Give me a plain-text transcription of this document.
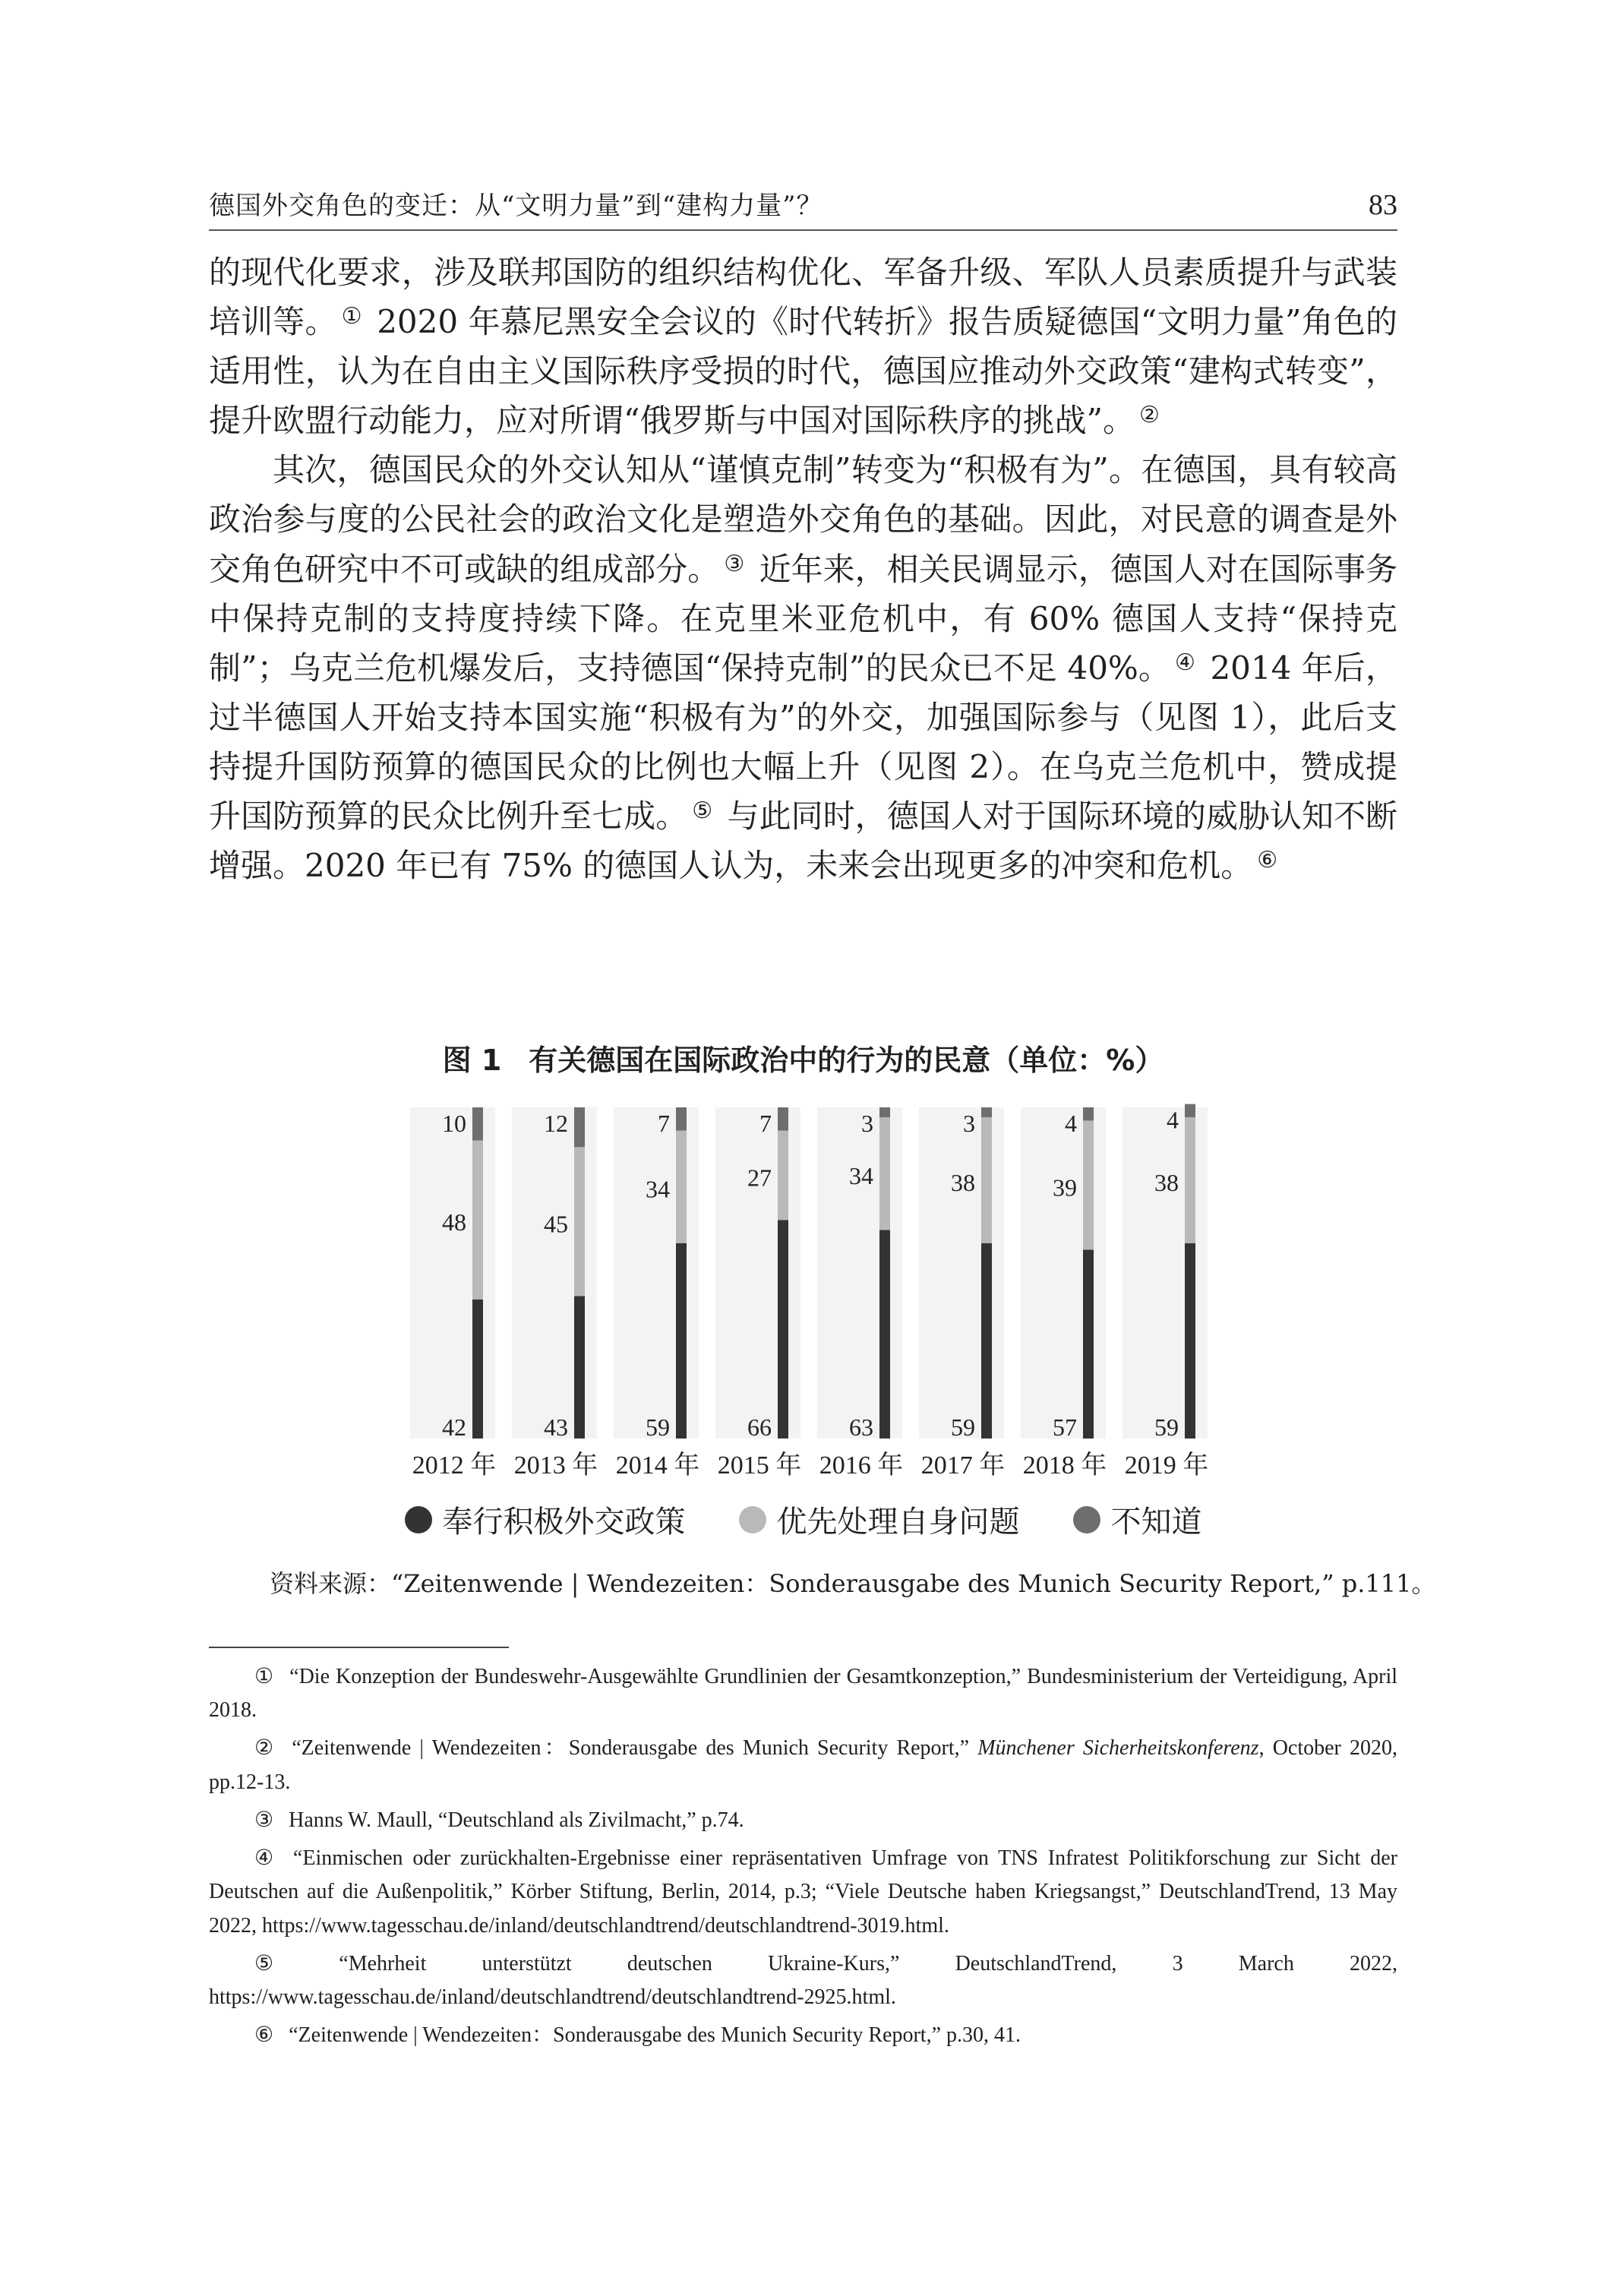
德国外交角色的变迁：从“文明力量”到“建构力量”？	83

的现代化要求，涉及联邦国防的组织结构优化、军备升级、军队人员素质提升与武装培训等。 ① 2020 年慕尼黑安全会议的《时代转折》报告质疑德国“文明力量”角色的适用性，认为在自由主义国际秩序受损的时代，德国应推动外交政策“建构式转变”，提升欧盟行动能力，应对所谓“俄罗斯与中国对国际秩序的挑战”。 ②

其次，德国民众的外交认知从“谨慎克制”转变为“积极有为”。在德国，具有较高政治参与度的公民社会的政治文化是塑造外交角色的基础。因此，对民意的调查是外交角色研究中不可或缺的组成部分。 ③ 近年来，相关民调显示，德国人对在国际事务中保持克制的支持度持续下降。在克里米亚危机中，有 60% 德国人支持“保持克制”；乌克兰危机爆发后，支持德国“保持克制”的民众已不足 40%。 ④ 2014 年后，过半德国人开始支持本国实施“积极有为”的外交，加强国际参与（见图 1），此后支持提升国防预算的德国民众的比例也大幅上升（见图 2）。在乌克兰危机中，赞成提升国防预算的民众比例升至七成。 ⑤ 与此同时，德国人对于国际环境的威胁认知不断增强。2020 年已有 75% 的德国人认为，未来会出现更多的冲突和危机。 ⑥

图 1 有关德国在国际政治中的行为的民意（单位：%）
42
48
10
2012 年
43
45
12
2013 年
59
34
7
2014 年
66
27
7
2015 年
63
34
3
2016 年
59
38
3
2017 年
57
39
4
2018 年
59
38
4
2019 年
奉行积极外交政策	优先处理自身问题	不知道
资料来源：“Zeitenwende | Wendezeiten：Sonderausgabe des Munich Security Report,” p.111。

① “Die Konzeption der Bundeswehr-Ausgewählte Grundlinien der Gesamtkonzeption,” Bundesministerium der Verteidigung, April 2018.

② “Zeitenwende | Wendezeiten：Sonderausgabe des Munich Security Report,” Münchener Sicherheitskonferenz, October 2020, pp.12-13.

③ Hanns W. Maull, “Deutschland als Zivilmacht,” p.74.

④ “Einmischen oder zurückhalten-Ergebnisse einer repräsentativen Umfrage von TNS Infratest Politikforschung zur Sicht der Deutschen auf die Außenpolitik,” Körber Stiftung, Berlin, 2014, p.3; “Viele Deutsche haben Kriegsangst,” DeutschlandTrend, 13 May 2022, https://www.tagesschau.de/inland/deutschlandtrend/deutschlandtrend-3019.html.

⑤ “Mehrheit unterstützt deutschen Ukraine-Kurs,” DeutschlandTrend, 3 March 2022, https://www.tagesschau.de/inland/deutschlandtrend/deutschlandtrend-2925.html.

⑥ “Zeitenwende | Wendezeiten：Sonderausgabe des Munich Security Report,” p.30, 41.
